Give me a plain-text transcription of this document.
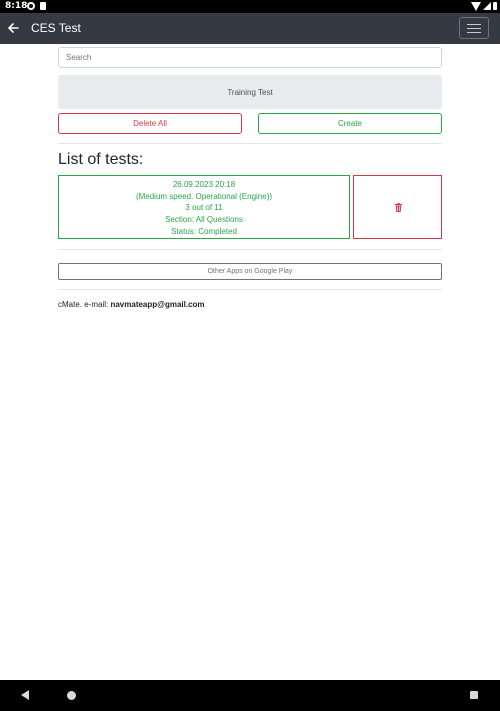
8:18
CES Test
Search
Training Test
Delete All	Create
List of tests:
26.09.2023 20:18
(Medium speed. Operational (Engine))
3 out of 11
Section: All Questions
Status: Completed
Other Apps on Google Play
cMate. e-mail: navmateapp@gmail.com
